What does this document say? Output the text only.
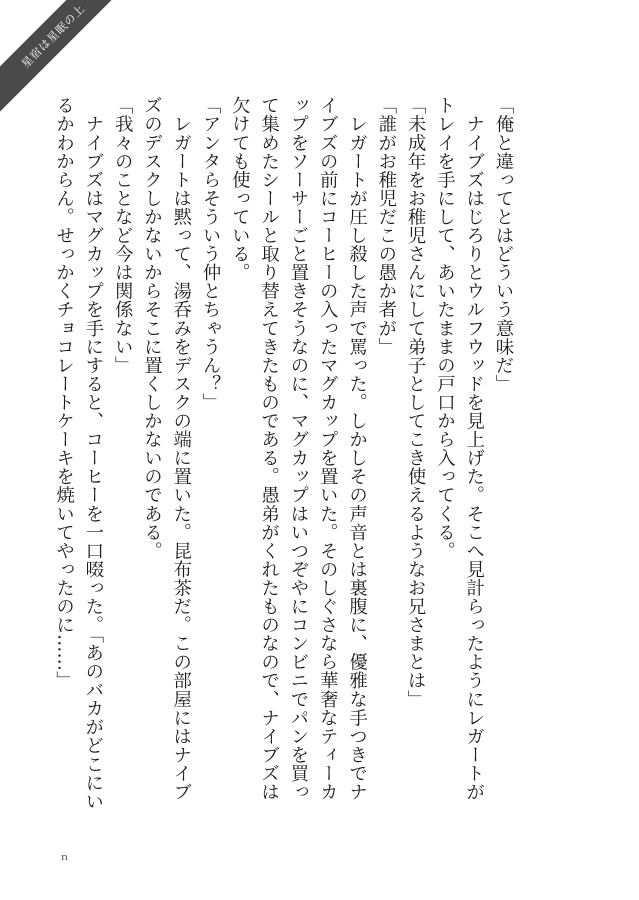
星宿は星眠の上

「俺と違ってとはどういう意味だ」

　ナイブズはじろりとウルフウッドを見上げた。そこへ見計らったようにレガートがトレイを手にして、あいたままの戸口から入ってくる。

「未成年をお稚児さんにして弟子としてこき使えるようなお兄さまとは」

「誰がお稚児だこの愚か者が」

　レガートが圧し殺した声で罵った。しかしその声音とは裏腹に、優雅な手つきでナイブズの前にコーヒーの入ったマグカップを置いた。そのしぐさなら華奢なティーカップをソーサーごと置きそうなのに、マグカップはいつぞやにコンビニでパンを買って集めたシールと取り替えてきたものである。愚弟がくれたものなので、ナイブズは欠けても使っている。

「アンタらそういう仲とちゃうん？」

　レガートは黙って、湯呑みをデスクの端に置いた。昆布茶だ。この部屋にはナイブズのデスクしかないからそこに置くしかないのである。

「我々のことなど今は関係ない」

　ナイブズはマグカップを手にすると、コーヒーを一口啜った。「あのバカがどこにいるかわからん。せっかくチョコレートケーキを焼いてやったのに……」

ｎ
